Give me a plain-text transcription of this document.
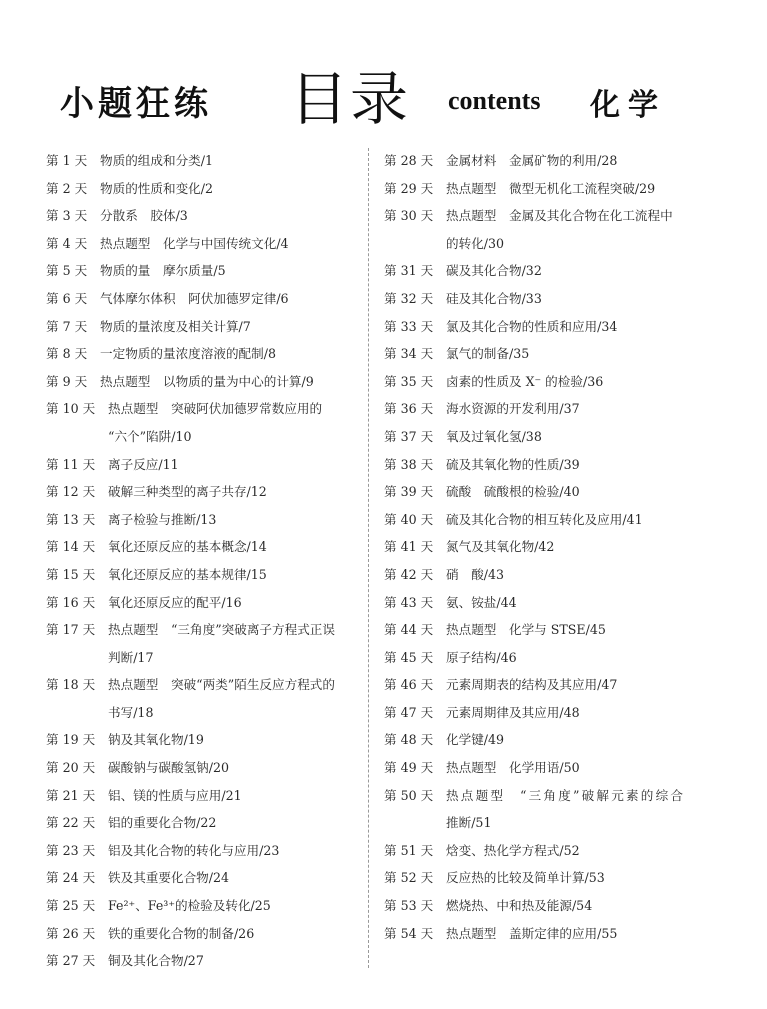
小题狂练 目录 contents 化学
第 1 天	物质的组成和分类/1
第 2 天	物质的性质和变化/2
第 3 天	分散系　胶体/3
第 4 天	热点题型　化学与中国传统文化/4
第 5 天	物质的量　摩尔质量/5
第 6 天	气体摩尔体积　阿伏加德罗定律/6
第 7 天	物质的量浓度及相关计算/7
第 8 天	一定物质的量浓度溶液的配制/8
第 9 天	热点题型　以物质的量为中心的计算/9
第 10 天	热点题型　突破阿伏加德罗常数应用的
“六个”陷阱/10
第 11 天	离子反应/11
第 12 天	破解三种类型的离子共存/12
第 13 天	离子检验与推断/13
第 14 天	氧化还原反应的基本概念/14
第 15 天	氧化还原反应的基本规律/15
第 16 天	氧化还原反应的配平/16
第 17 天	热点题型　“三角度”突破离子方程式正误
判断/17
第 18 天	热点题型　突破“两类”陌生反应方程式的
书写/18
第 19 天	钠及其氧化物/19
第 20 天	碳酸钠与碳酸氢钠/20
第 21 天	铝、镁的性质与应用/21
第 22 天	铝的重要化合物/22
第 23 天	铝及其化合物的转化与应用/23
第 24 天	铁及其重要化合物/24
第 25 天	Fe²⁺、Fe³⁺的检验及转化/25
第 26 天	铁的重要化合物的制备/26
第 27 天	铜及其化合物/27
第 28 天	金属材料　金属矿物的利用/28
第 29 天	热点题型　微型无机化工流程突破/29
第 30 天	热点题型　金属及其化合物在化工流程中
的转化/30
第 31 天	碳及其化合物/32
第 32 天	硅及其化合物/33
第 33 天	氯及其化合物的性质和应用/34
第 34 天	氯气的制备/35
第 35 天	卤素的性质及 X⁻ 的检验/36
第 36 天	海水资源的开发利用/37
第 37 天	氧及过氧化氢/38
第 38 天	硫及其氧化物的性质/39
第 39 天	硫酸　硫酸根的检验/40
第 40 天	硫及其化合物的相互转化及应用/41
第 41 天	氮气及其氧化物/42
第 42 天	硝　酸/43
第 43 天	氨、铵盐/44
第 44 天	热点题型　化学与 STSE/45
第 45 天	原子结构/46
第 46 天	元素周期表的结构及其应用/47
第 47 天	元素周期律及其应用/48
第 48 天	化学键/49
第 49 天	热点题型　化学用语/50
第 50 天	热点题型　“三角度”破解元素的综合
推断/51
第 51 天	焓变、热化学方程式/52
第 52 天	反应热的比较及简单计算/53
第 53 天	燃烧热、中和热及能源/54
第 54 天	热点题型　盖斯定律的应用/55
